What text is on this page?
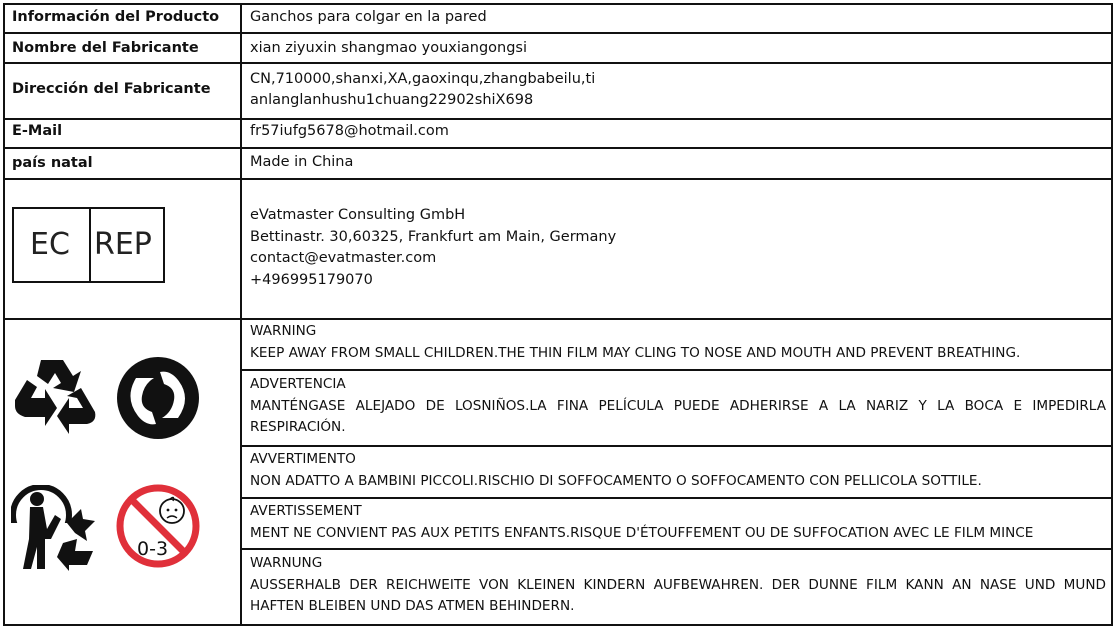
Información del Producto
Nombre del Fabricante
Dirección del Fabricante
E-Mail
país natal
Ganchos para colgar en la pared
xian ziyuxin shangmao youxiangongsi
CN,710000,shanxi,XA,gaoxinqu,zhangbabeilu,ti
anlanglanhushu1chuang22902shiX698
fr57iufg5678@hotmail.com
Made in China
EC REP
eVatmaster Consulting GmbH
Bettinastr. 30,60325, Frankfurt am Main, Germany
contact@evatmaster.com
+496995179070
0-3
WARNING
KEEP AWAY FROM SMALL CHILDREN.THE THIN FILM MAY CLING TO NOSE AND MOUTH AND PREVENT BREATHING.
ADVERTENCIA
MANTÉNGASE ALEJADO DE LOSNIÑOS.LA FINA PELÍCULA PUEDE ADHERIRSE A LA NARIZ Y LA BOCA E IMPEDIRLA RESPIRACIÓN.
AVVERTIMENTO
NON ADATTO A BAMBINI PICCOLI.RISCHIO DI SOFFOCAMENTO O SOFFOCAMENTO CON PELLICOLA SOTTILE.
AVERTISSEMENT
MENT NE CONVIENT PAS AUX PETITS ENFANTS.RISQUE D'ÉTOUFFEMENT OU DE SUFFOCATION AVEC LE FILM MINCE
WARNUNG
AUSSERHALB DER REICHWEITE VON KLEINEN KINDERN AUFBEWAHREN. DER DUNNE FILM KANN AN NASE UND MUND HAFTEN BLEIBEN UND DAS ATMEN BEHINDERN.
